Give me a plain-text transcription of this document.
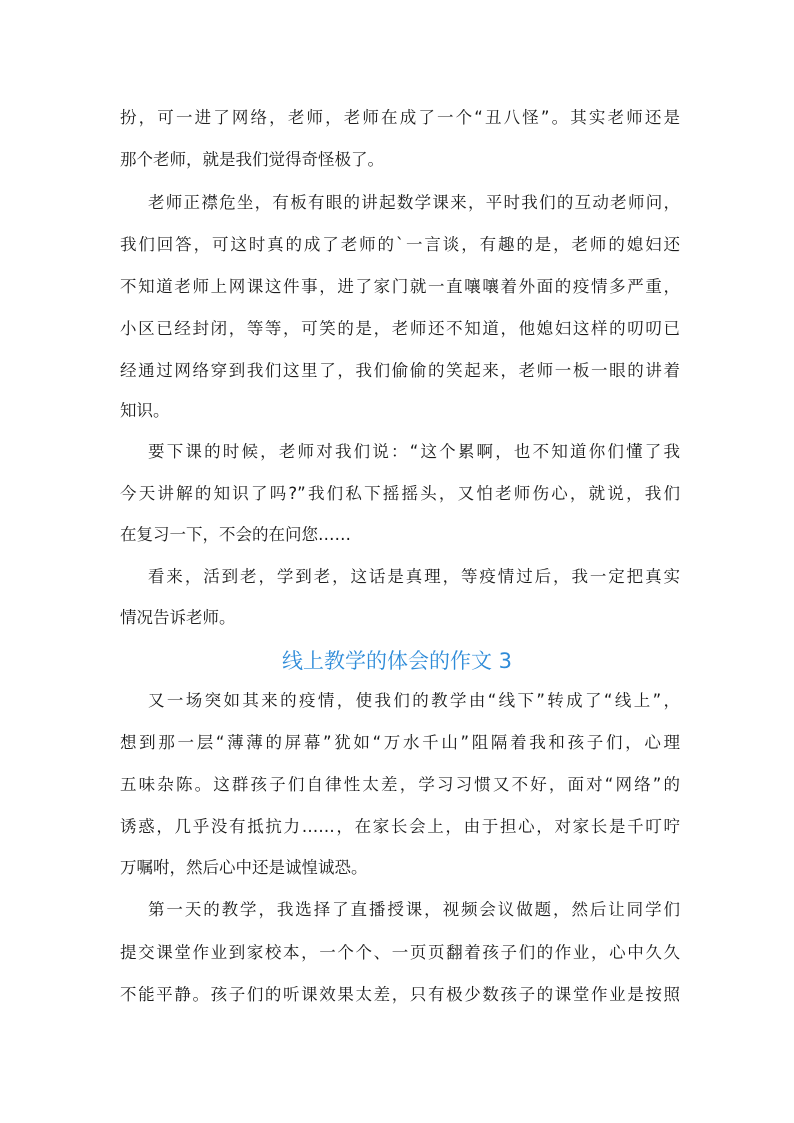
扮，可一进了网络，老师，老师在成了一个“丑八怪”。其实老师还是
那个老师，就是我们觉得奇怪极了。
老师正襟危坐，有板有眼的讲起数学课来，平时我们的互动老师问，
我们回答，可这时真的成了老师的`一言谈，有趣的是，老师的媳妇还
不知道老师上网课这件事，进了家门就一直嚷嚷着外面的疫情多严重，
小区已经封闭，等等，可笑的是，老师还不知道，他媳妇这样的叨叨已
经通过网络穿到我们这里了，我们偷偷的笑起来，老师一板一眼的讲着
知识。
要下课的时候，老师对我们说：“这个累啊，也不知道你们懂了我
今天讲解的知识了吗?”我们私下摇摇头，又怕老师伤心，就说，我们
在复习一下，不会的在问您……
看来，活到老，学到老，这话是真理，等疫情过后，我一定把真实
情况告诉老师。
线上教学的体会的作文 3
又一场突如其来的疫情，使我们的教学由“线下”转成了“线上”，
想到那一层“薄薄的屏幕”犹如“万水千山”阻隔着我和孩子们，心理
五味杂陈。这群孩子们自律性太差，学习习惯又不好，面对“网络”的
诱惑，几乎没有抵抗力……，在家长会上，由于担心，对家长是千叮咛
万嘱咐，然后心中还是诚惶诚恐。
第一天的教学，我选择了直播授课，视频会议做题，然后让同学们
提交课堂作业到家校本，一个个、一页页翻着孩子们的作业，心中久久
不能平静。孩子们的听课效果太差，只有极少数孩子的课堂作业是按照
